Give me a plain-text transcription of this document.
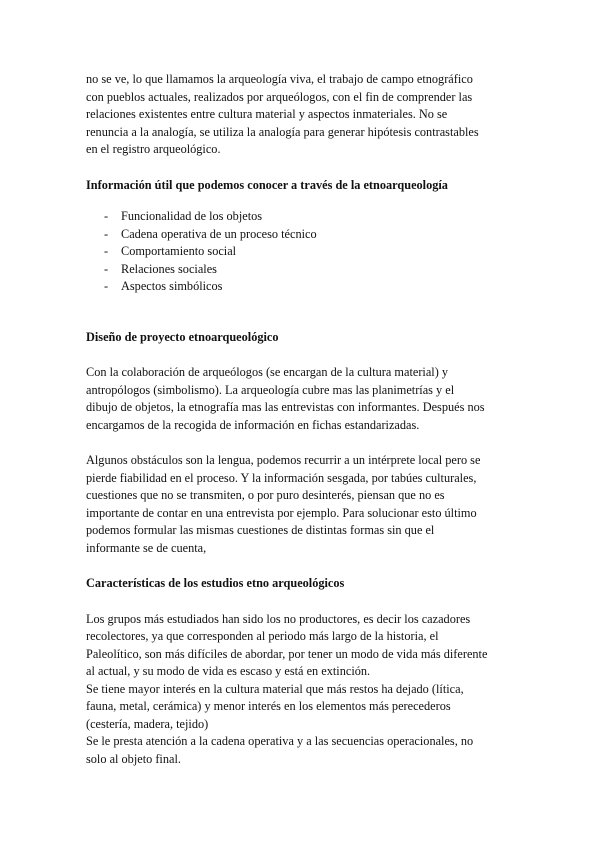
no se ve, lo que llamamos la arqueología viva, el trabajo de campo etnográfico
con pueblos actuales, realizados por arqueólogos, con el fin de comprender las
relaciones existentes entre cultura material y aspectos inmateriales. No se
renuncia a la analogía, se utiliza la analogía para generar hipótesis contrastables
en el registro arqueológico.

Información útil que podemos conocer a través de la etnoarqueología

- Funcionalidad de los objetos
- Cadena operativa de un proceso técnico
- Comportamiento social
- Relaciones sociales
- Aspectos simbólicos

Diseño de proyecto etnoarqueológico

Con la colaboración de arqueólogos (se encargan de la cultura material) y
antropólogos (simbolismo). La arqueología cubre mas las planimetrías y el
dibujo de objetos, la etnografía mas las entrevistas con informantes. Después nos
encargamos de la recogida de información en fichas estandarizadas.

Algunos obstáculos son la lengua, podemos recurrir a un intérprete local pero se
pierde fiabilidad en el proceso. Y la información sesgada, por tabúes culturales,
cuestiones que no se transmiten, o por puro desinterés, piensan que no es
importante de contar en una entrevista por ejemplo. Para solucionar esto último
podemos formular las mismas cuestiones de distintas formas sin que el
informante se de cuenta,

Características de los estudios etno arqueológicos

Los grupos más estudiados han sido los no productores, es decir los cazadores
recolectores, ya que corresponden al periodo más largo de la historia, el
Paleolítico, son más difíciles de abordar, por tener un modo de vida más diferente
al actual, y su modo de vida es escaso y está en extinción.

Se tiene mayor interés en la cultura material que más restos ha dejado (lítica,
fauna, metal, cerámica) y menor interés en los elementos más perecederos
(cestería, madera, tejido)

Se le presta atención a la cadena operativa y a las secuencias operacionales, no
solo al objeto final.
